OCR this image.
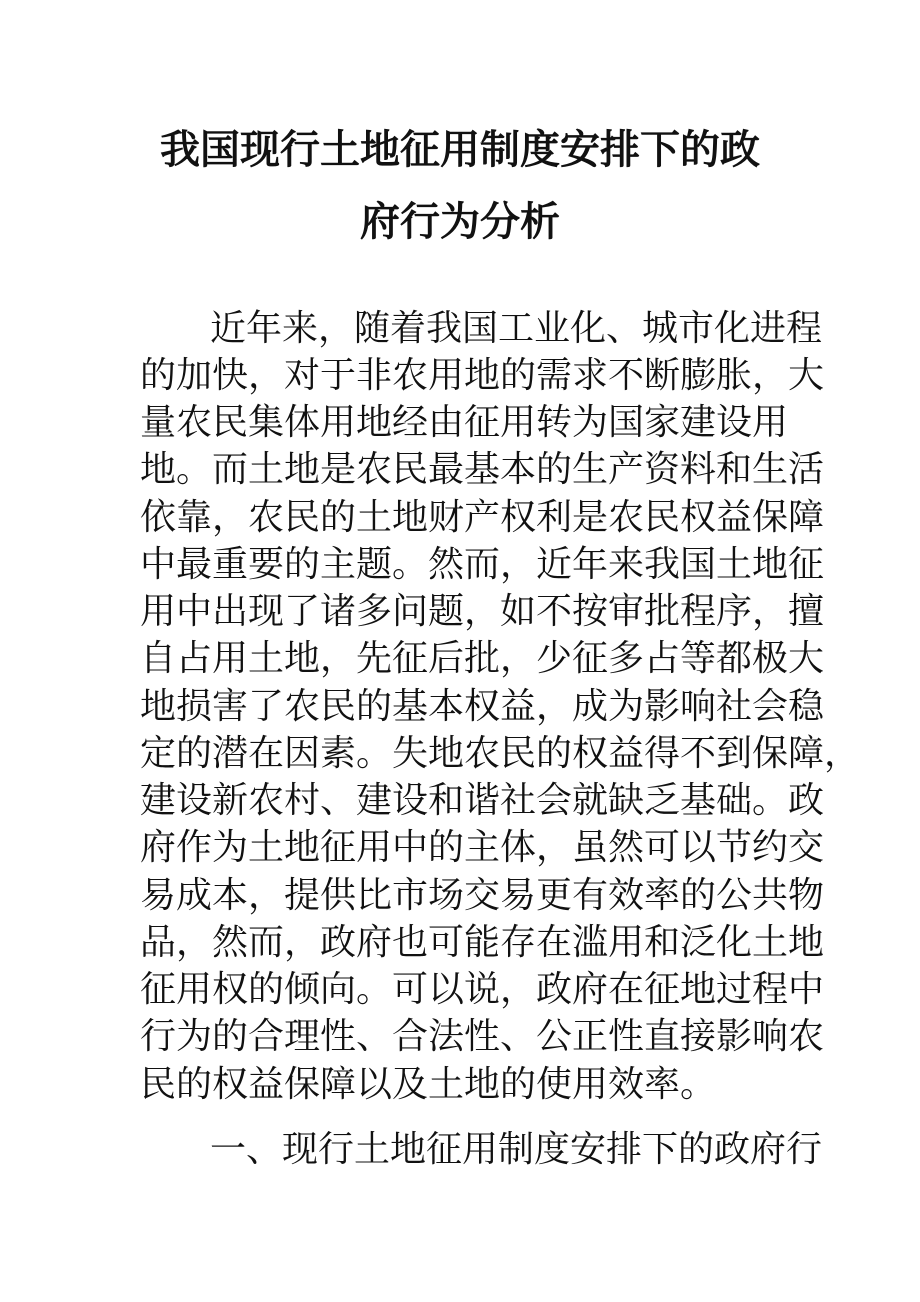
我国现行土地征用制度安排下的政
府行为分析

近年来，随着我国工业化、城市化进程

的加快，对于非农用地的需求不断膨胀，大

量农民集体用地经由征用转为国家建设用

地。而土地是农民最基本的生产资料和生活

依靠，农民的土地财产权利是农民权益保障

中最重要的主题。然而，近年来我国土地征

用中出现了诸多问题，如不按审批程序，擅

自占用土地，先征后批，少征多占等都极大

地损害了农民的基本权益，成为影响社会稳

定的潜在因素。失地农民的权益得不到保障，

建设新农村、建设和谐社会就缺乏基础。政

府作为土地征用中的主体，虽然可以节约交

易成本，提供比市场交易更有效率的公共物

品，然而，政府也可能存在滥用和泛化土地

征用权的倾向。可以说，政府在征地过程中

行为的合理性、合法性、公正性直接影响农

民的权益保障以及土地的使用效率。

一、现行土地征用制度安排下的政府行
